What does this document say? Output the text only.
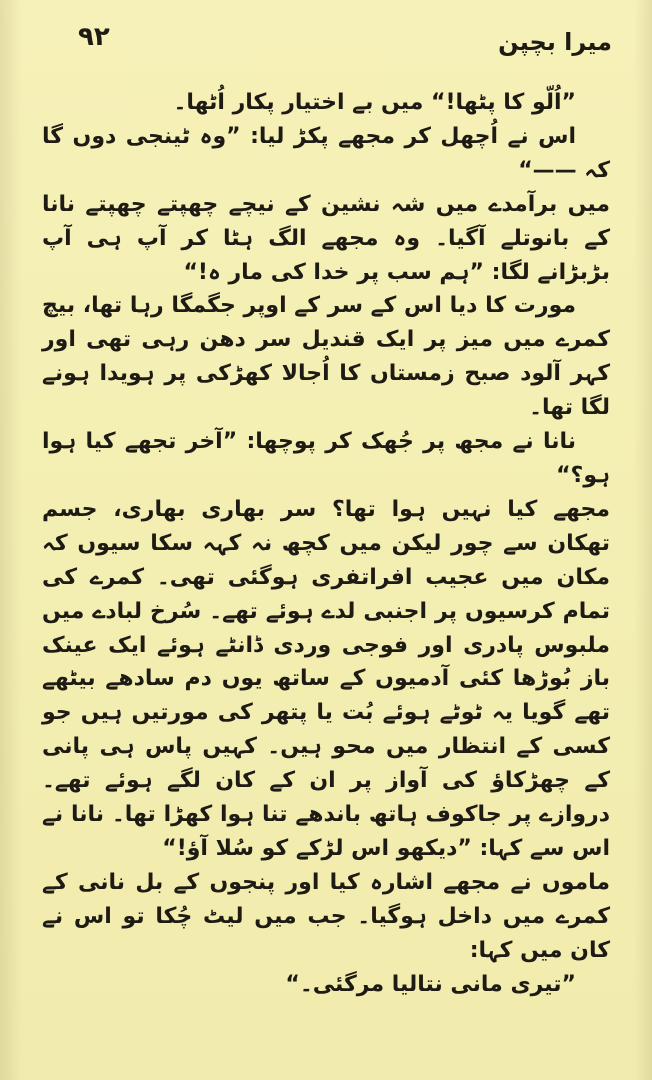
۹۲	میرا بچپن

”اُلّو کا پٹھا!“ میں بے اختیار پکار اُٹھا۔

اس نے اُچھل کر مجھے پکڑ لیا: ”وہ ٹینجی دوں گا کہ ——“

میں برآمدے میں شہ نشین کے نیچے چھپتے چھپتے نانا کے بانوتلے آگیا۔ وہ مجھے الگ ہٹا کر آپ ہی آپ بڑبڑانے لگا: ”ہم سب پر خدا کی مار ہ!“

مورت کا دیا اس کے سر کے اوپر جگمگا رہا تھا، بیچ کمرے میں میز پر ایک قندیل سر دھن رہی تھی اور کہر آلود صبح زمستاں کا اُجالا کھڑکی پر ہویدا ہونے لگا تھا۔

نانا نے مجھ پر جُھک کر پوچھا: ”آخر تجھے کیا ہوا ہو؟“

مجھے کیا نہیں ہوا تھا؟ سر بھاری بھاری، جسم تھکان سے چور لیکن میں کچھ نہ کہہ سکا سیوں کہ مکان میں عجیب افراتفری ہوگئی تھی۔ کمرے کی تمام کرسیوں پر اجنبی لدے ہوئے تھے۔ سُرخ لبادے میں ملبوس پادری اور فوجی وردی ڈانٹے ہوئے ایک عینک باز بُوڑھا کئی آدمیوں کے ساتھ یوں دم سادھے بیٹھے تھے گویا یہ ٹوٹے ہوئے بُت یا پتھر کی مورتیں ہیں جو کسی کے انتظار میں محو ہیں۔ کہیں پاس ہی پانی کے چھڑکاؤ کی آواز پر ان کے کان لگے ہوئے تھے۔ دروازے پر جاکوف ہاتھ باندھے تنا ہوا کھڑا تھا۔ نانا نے اس سے کہا: ”دیکھو اس لڑکے کو سُلا آؤ!“

ماموں نے مجھے اشارہ کیا اور پنجوں کے بل نانی کے کمرے میں داخل ہوگیا۔ جب میں لیٹ چُکا تو اس نے کان میں کہا:

”تیری مانی نتالیا مرگئی۔“
